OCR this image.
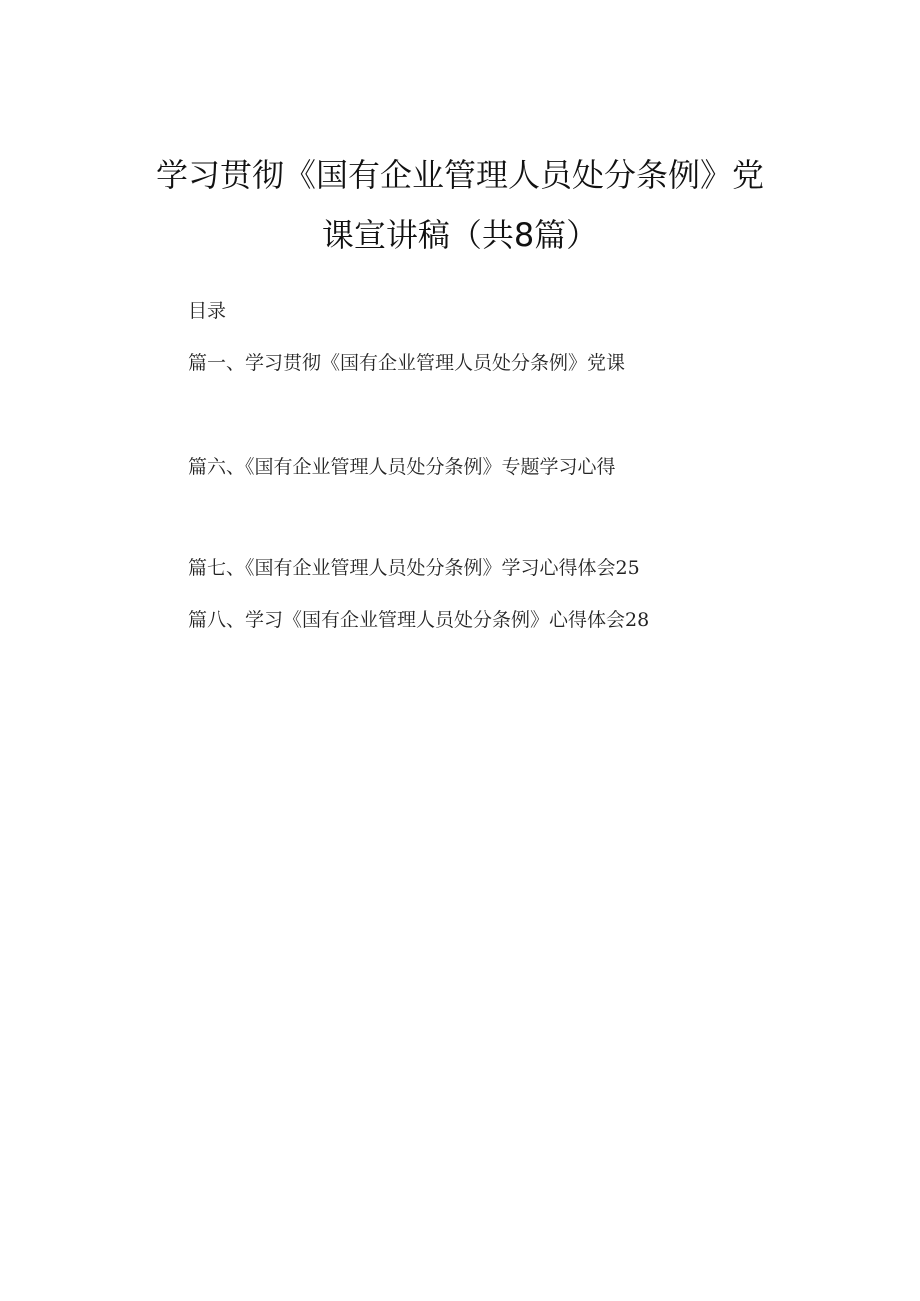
学习贯彻《国有企业管理人员处分条例》党
课宣讲稿（共8篇）
目录
篇一、学习贯彻《国有企业管理人员处分条例》党课
篇六、《国有企业管理人员处分条例》专题学习心得
篇七、《国有企业管理人员处分条例》学习心得体会25
篇八、学习《国有企业管理人员处分条例》心得体会28
